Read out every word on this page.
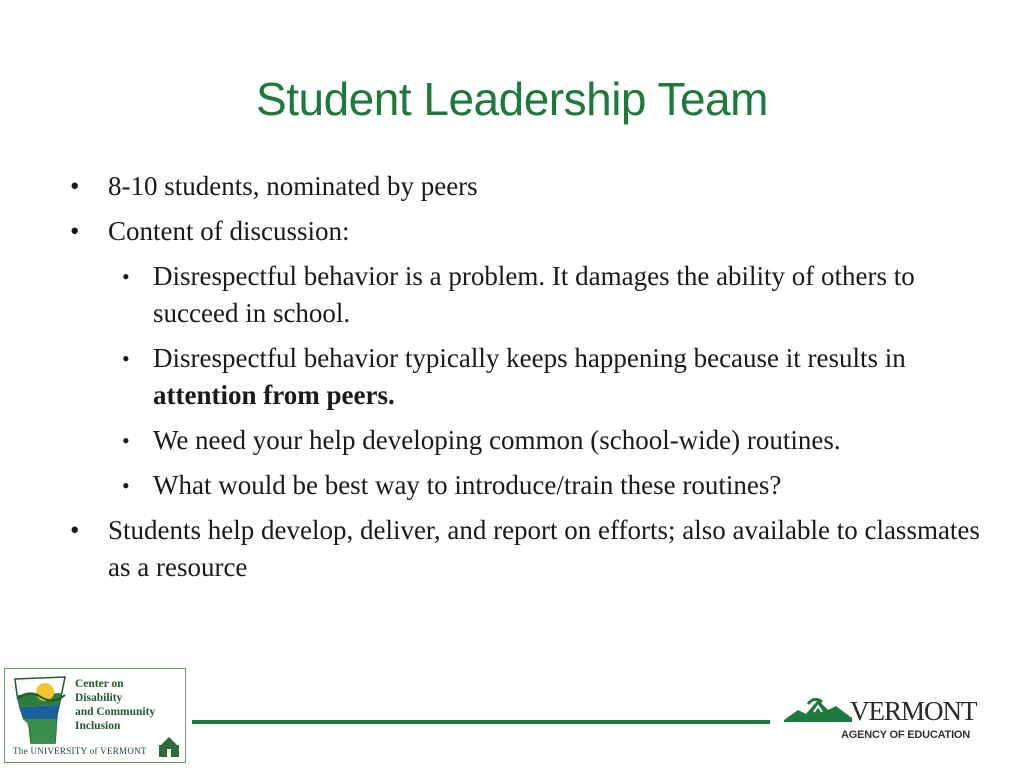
Student Leadership Team
• 8-10 students, nominated by peers
• Content of discussion:
• Disrespectful behavior is a problem. It damages the ability of others to succeed in school.
• Disrespectful behavior typically keeps happening because it results in attention from peers.
• We need your help developing common (school-wide) routines.
• What would be best way to introduce/train these routines?
• Students help develop, deliver, and report on efforts; also available to classmates as a resource
Center on
Disability
and Community
Inclusion
The UNIVERSITY of VERMONT
VERMONT
AGENCY OF EDUCATION
